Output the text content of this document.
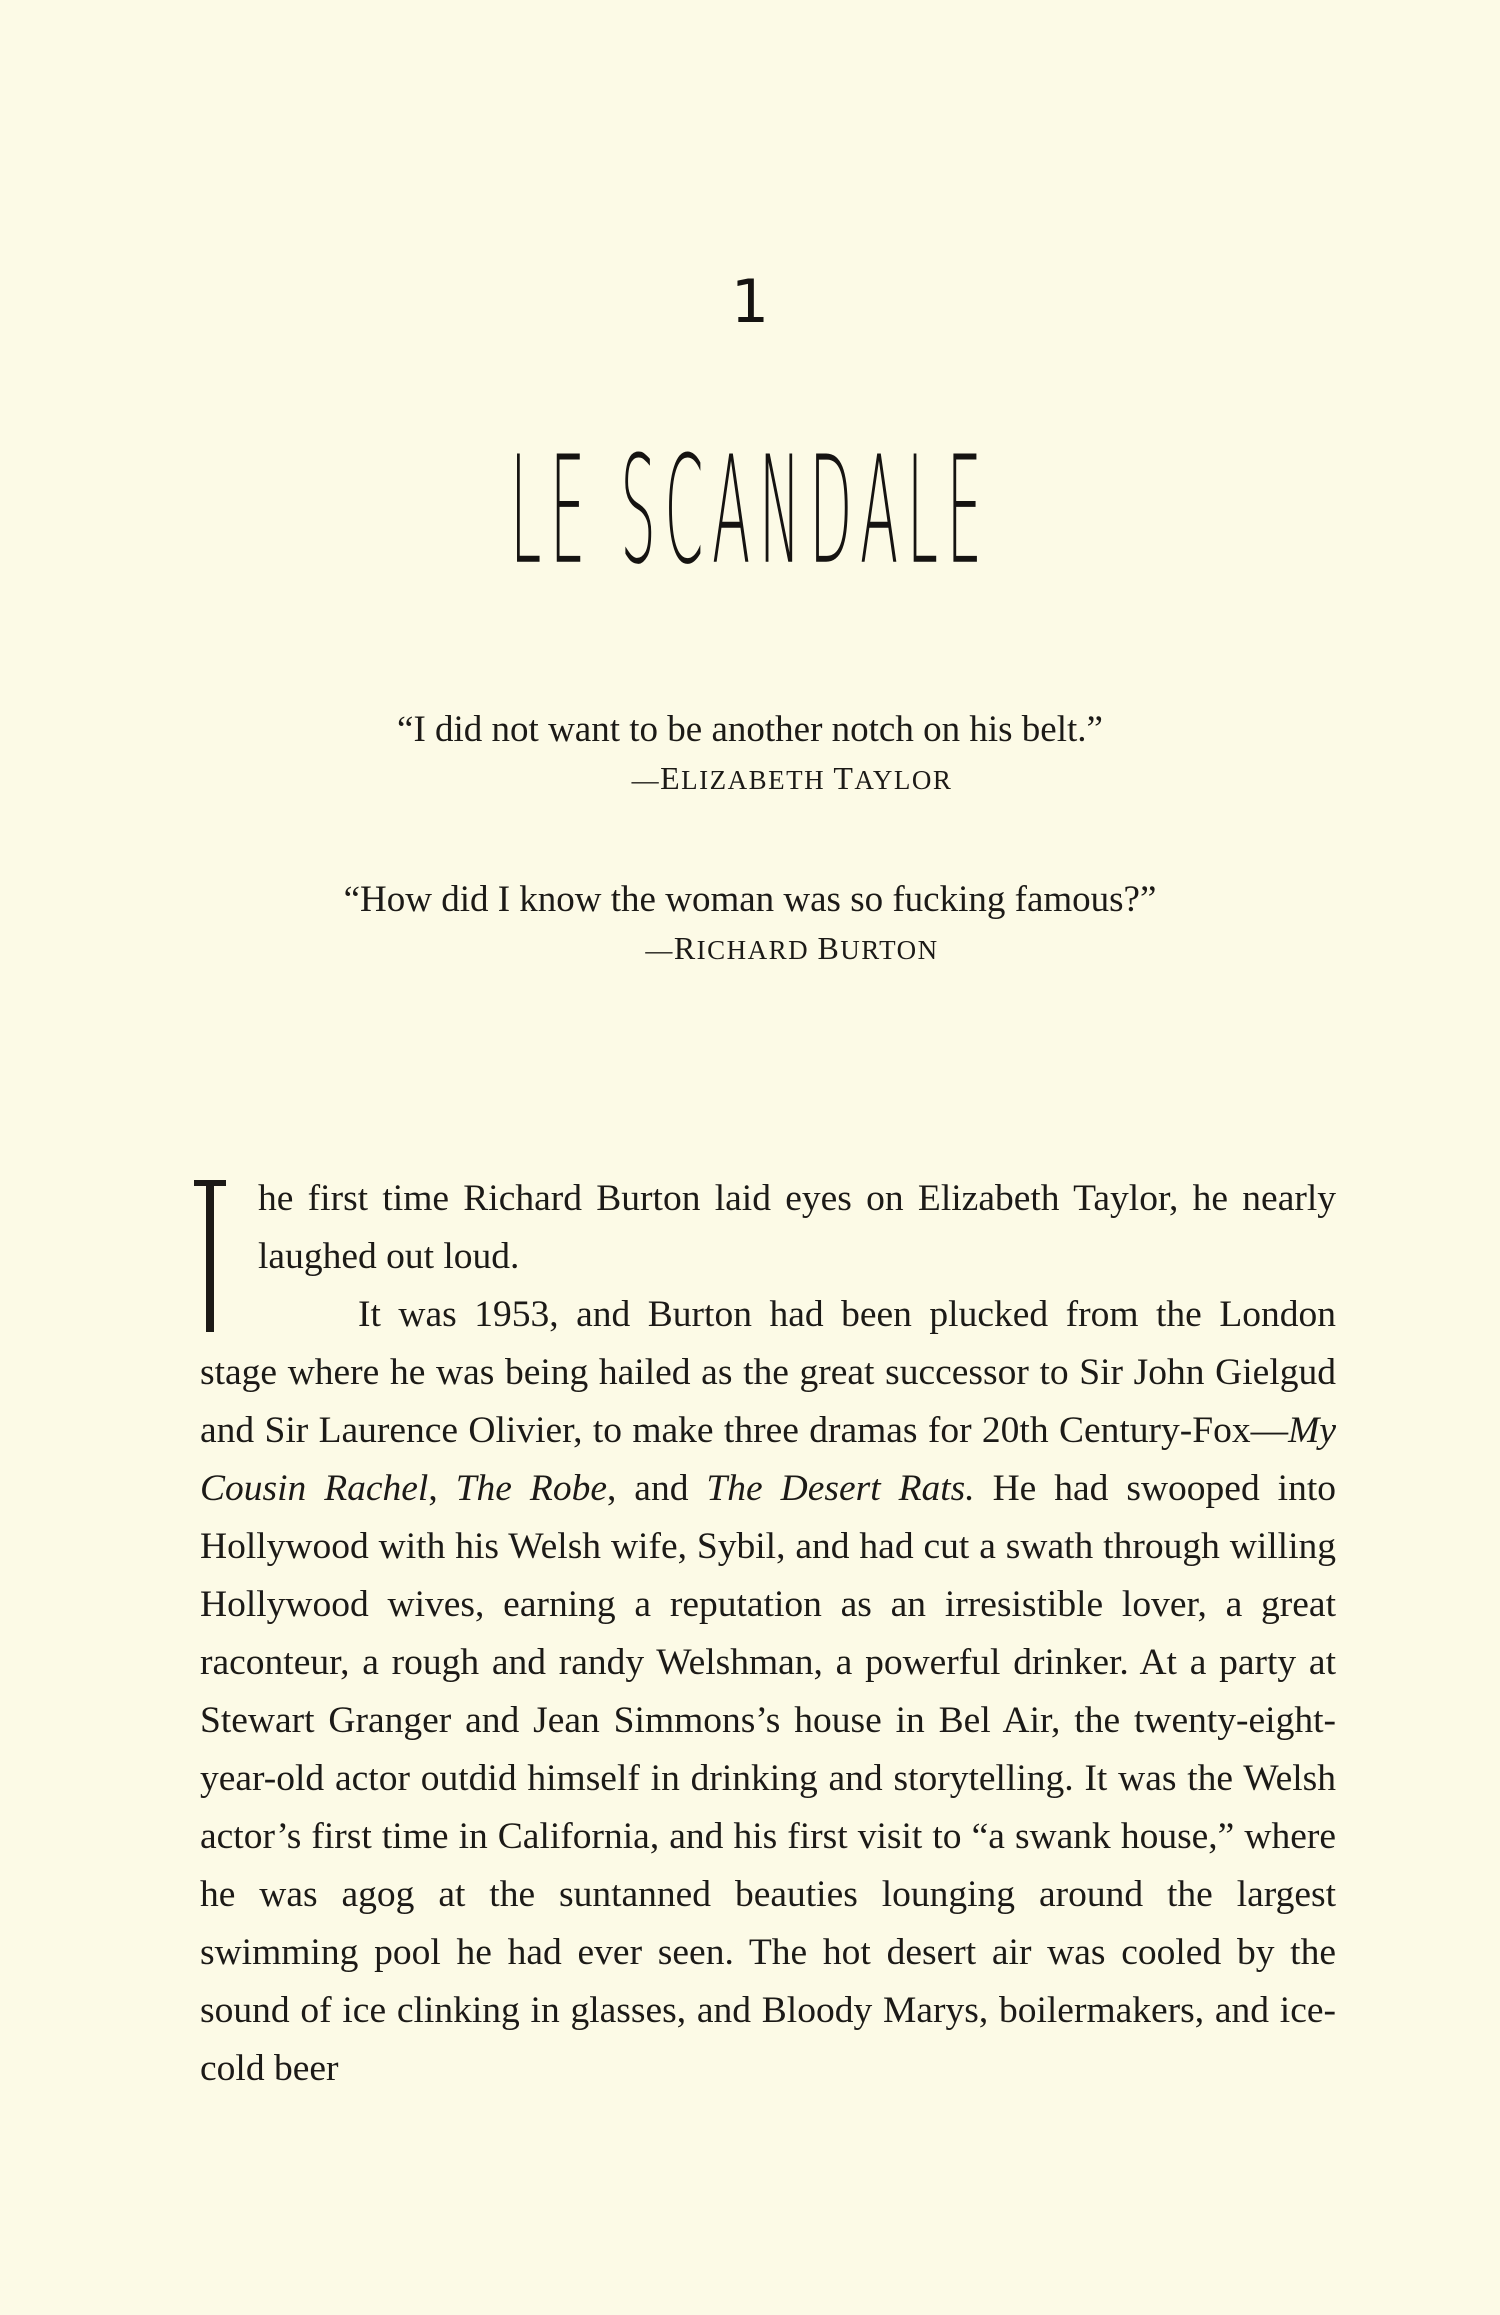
1
LE SCANDALE
“I did not want to be another notch on his belt.”
—ELIZABETH TAYLOR
“How did I know the woman was so fucking famous?”
—RICHARD BURTON

he first time Richard Burton laid eyes on Elizabeth Taylor, he nearly laughed out loud.

It was 1953, and Burton had been plucked from the London stage where he was being hailed as the great successor to Sir John Gielgud and Sir Laurence Olivier, to make three dramas for 20th Century-Fox—My Cousin Rachel, The Robe, and The Desert Rats. He had swooped into Hollywood with his Welsh wife, Sybil, and had cut a swath through willing Hollywood wives, earning a reputation as an irresistible lover, a great raconteur, a rough and randy Welshman, a powerful drinker. At a party at Stewart Granger and Jean Simmons’s house in Bel Air, the twenty-eight-year-old actor outdid himself in drinking and storytelling. It was the Welsh actor’s first time in California, and his first visit to “a swank house,” where he was agog at the suntanned beauties lounging around the largest swimming pool he had ever seen. The hot desert air was cooled by the sound of ice clinking in glasses, and Bloody Marys, boilermakers, and ice-cold beer
